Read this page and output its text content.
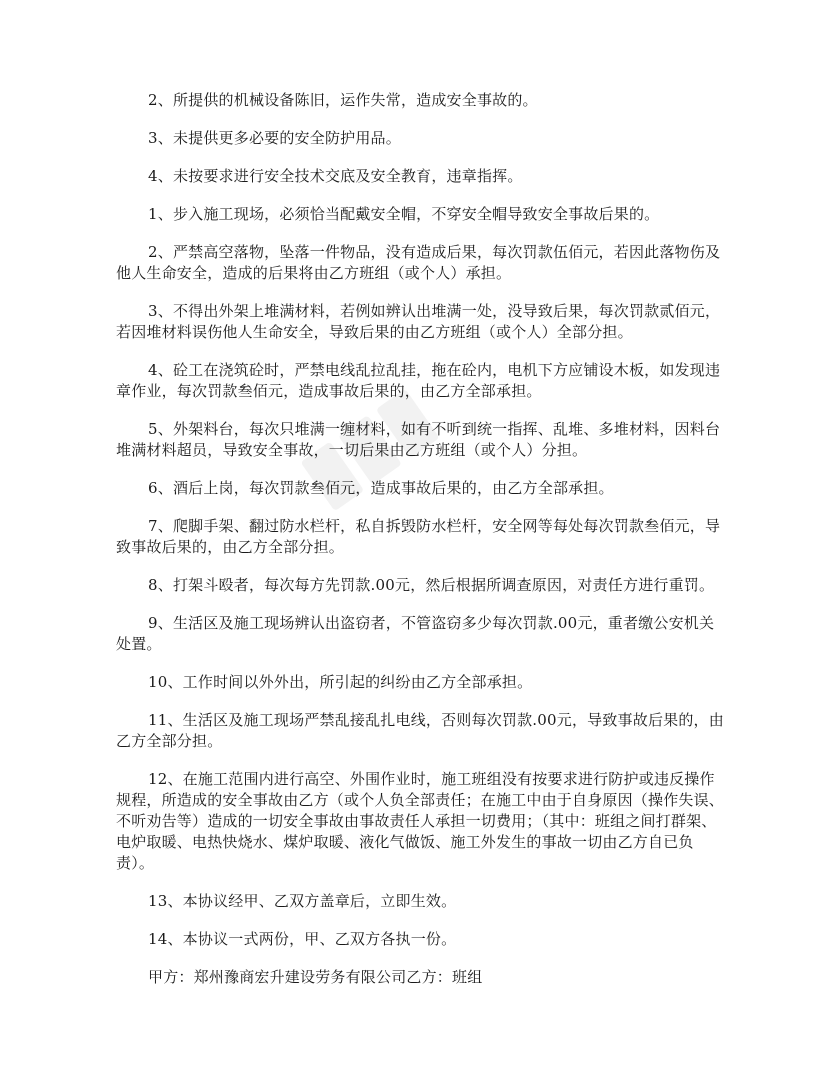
2、所提供的机械设备陈旧，运作失常，造成安全事故的。

3、未提供更多必要的安全防护用品。

4、未按要求进行安全技术交底及安全教育，违章指挥。

1、步入施工现场，必须恰当配戴安全帽，不穿安全帽导致安全事故后果的。

2、严禁高空落物，坠落一件物品，没有造成后果，每次罚款伍佰元，若因此落物伤及他人生命安全，造成的后果将由乙方班组（或个人）承担。

3、不得出外架上堆满材料，若例如辨认出堆满一处，没导致后果，每次罚款贰佰元，若因堆材料误伤他人生命安全，导致后果的由乙方班组（或个人）全部分担。

4、砼工在浇筑砼时，严禁电线乱拉乱挂，拖在砼内，电机下方应铺设木板，如发现违章作业，每次罚款叁佰元，造成事故后果的，由乙方全部承担。

5、外架料台，每次只堆满一缠材料，如有不听到统一指挥、乱堆、多堆材料，因料台堆满材料超员，导致安全事故，一切后果由乙方班组（或个人）分担。

6、酒后上岗，每次罚款叁佰元，造成事故后果的，由乙方全部承担。

7、爬脚手架、翻过防水栏杆，私自拆毁防水栏杆，安全网等每处每次罚款叁佰元，导致事故后果的，由乙方全部分担。

8、打架斗殴者，每次每方先罚款.00元，然后根据所调查原因，对责任方进行重罚。

9、生活区及施工现场辨认出盗窃者，不管盗窃多少每次罚款.00元，重者缴公安机关处置。

10、工作时间以外外出，所引起的纠纷由乙方全部承担。

11、生活区及施工现场严禁乱接乱扎电线，否则每次罚款.00元，导致事故后果的，由乙方全部分担。

12、在施工范围内进行高空、外围作业时，施工班组没有按要求进行防护或违反操作规程，所造成的安全事故由乙方（或个人负全部责任；在施工中由于自身原因（操作失误、不听劝告等）造成的一切安全事故由事故责任人承担一切费用；（其中：班组之间打群架、电炉取暖、电热快烧水、煤炉取暖、液化气做饭、施工外发生的事故一切由乙方自已负责）。

13、本协议经甲、乙双方盖章后，立即生效。

14、本协议一式两份，甲、乙双方各执一份。

甲方：郑州豫商宏升建设劳务有限公司乙方：班组
